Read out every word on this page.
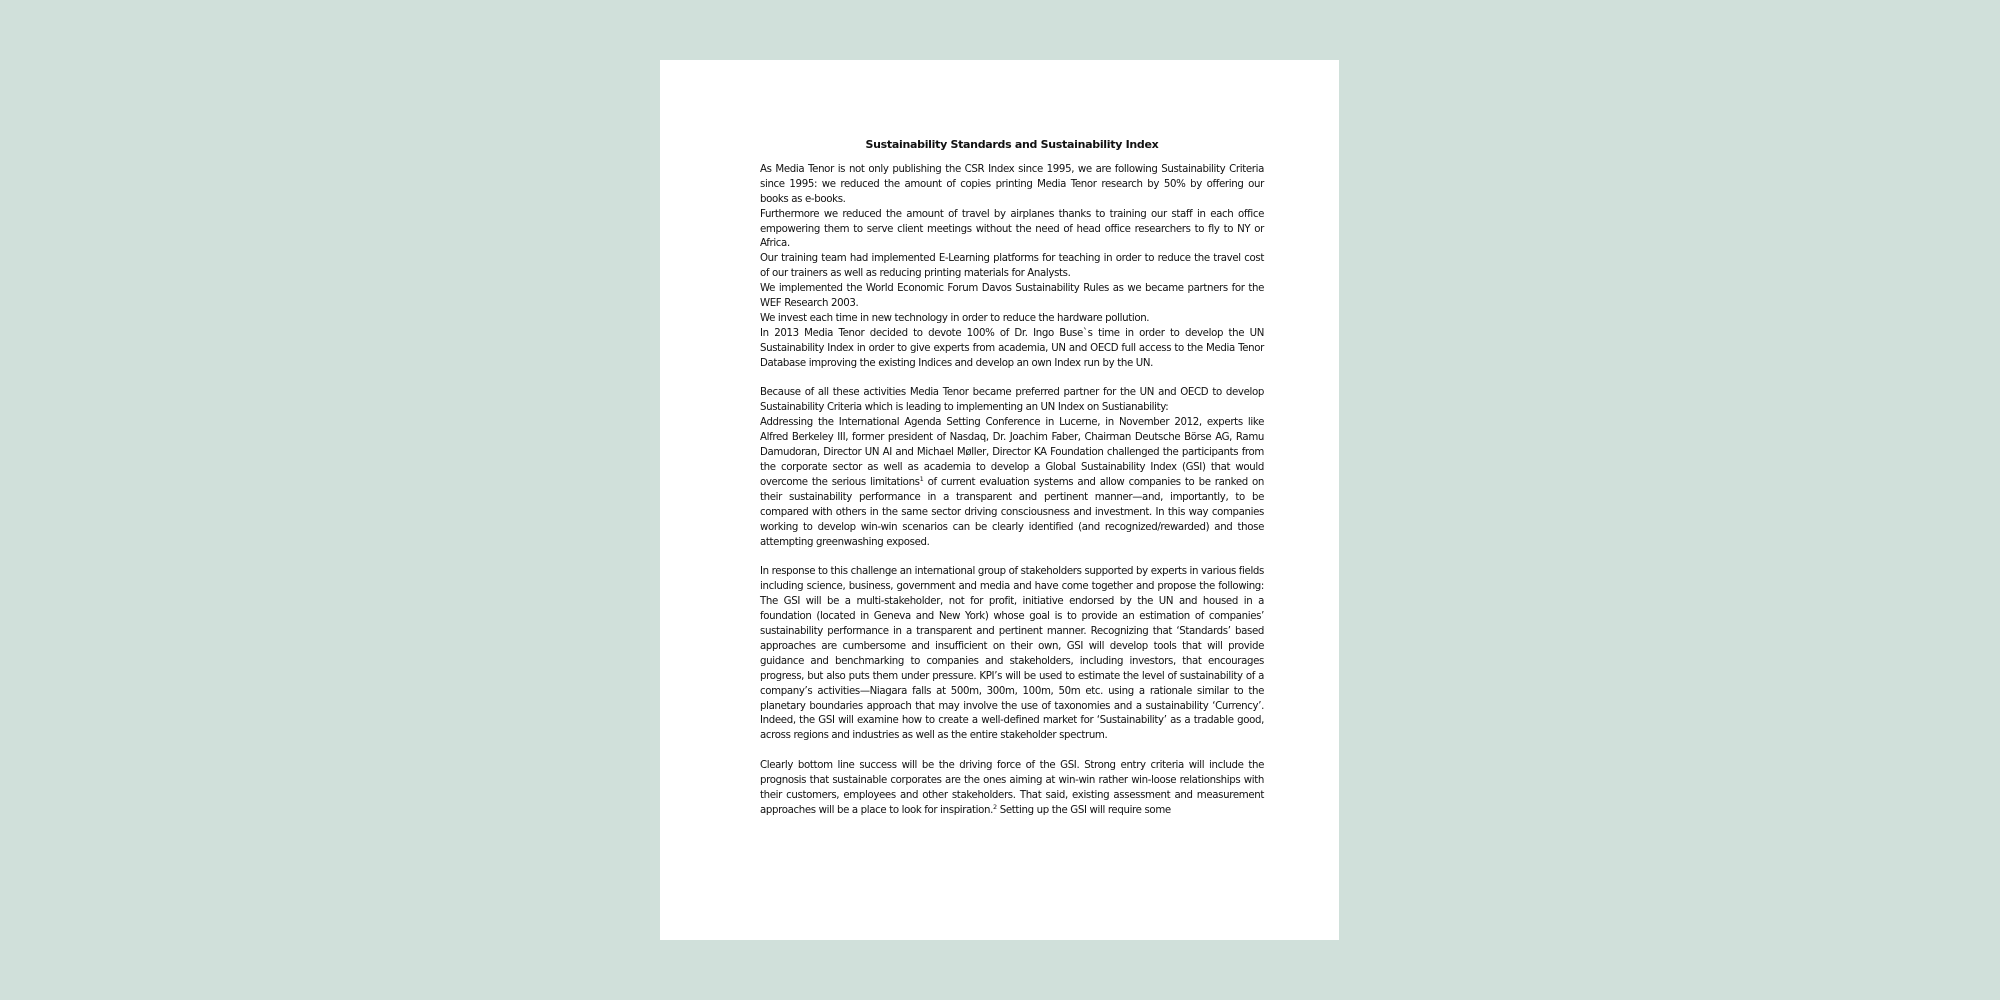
Sustainability Standards and Sustainability Index

As Media Tenor is not only publishing the CSR Index since 1995, we are following Sustainability Criteria since 1995: we reduced the amount of copies printing Media Tenor research by 50% by offering our books as e-books.

Furthermore we reduced the amount of travel by airplanes thanks to training our staff in each office empowering them to serve client meetings without the need of head office researchers to fly to NY or Africa.

Our training team had implemented E-Learning platforms for teaching in order to reduce the travel cost of our trainers as well as reducing printing materials for Analysts.

We implemented the World Economic Forum Davos Sustainability Rules as we became partners for the WEF Research 2003.

We invest each time in new technology in order to reduce the hardware pollution.

In 2013 Media Tenor decided to devote 100% of Dr. Ingo Buse`s time in order to develop the UN Sustainability Index in order to give experts from academia, UN and OECD full access to the Media Tenor Database improving the existing Indices and develop an own Index run by the UN.

Because of all these activities Media Tenor became preferred partner for the UN and OECD to develop Sustainability Criteria which is leading to implementing an UN Index on Sustianability:

Addressing the International Agenda Setting Conference in Lucerne, in November 2012, experts like Alfred Berkeley III, former president of Nasdaq, Dr. Joachim Faber, Chairman Deutsche Börse AG, Ramu Damudoran, Director UN AI and Michael Møller, Director KA Foundation challenged the participants from the corporate sector as well as academia to develop a Global Sustainability Index (GSI) that would overcome the serious limitations$^1$ of current evaluation systems and allow companies to be ranked on their sustainability performance in a transparent and pertinent manner—and, importantly, to be compared with others in the same sector driving consciousness and investment. In this way companies working to develop win-win scenarios can be clearly identified (and recognized/rewarded) and those attempting greenwashing exposed.

In response to this challenge an international group of stakeholders supported by experts in various fields including science, business, government and media and have come together and propose the following: The GSI will be a multi-stakeholder, not for profit, initiative endorsed by the UN and housed in a foundation (located in Geneva and New York) whose goal is to provide an estimation of companies’ sustainability performance in a transparent and pertinent manner. Recognizing that ‘Standards’ based approaches are cumbersome and insufficient on their own, GSI will develop tools that will provide guidance and benchmarking to companies and stakeholders, including investors, that encourages progress, but also puts them under pressure. KPI’s will be used to estimate the level of sustainability of a company’s activities—Niagara falls at 500m, 300m, 100m, 50m etc. using a rationale similar to the planetary boundaries approach that may involve the use of taxonomies and a sustainability ‘Currency’. Indeed, the GSI will examine how to create a well-defined market for ‘Sustainability’ as a tradable good, across regions and industries as well as the entire stakeholder spectrum.

Clearly bottom line success will be the driving force of the GSI. Strong entry criteria will include the prognosis that sustainable corporates are the ones aiming at win-win rather win-loose relationships with their customers, employees and other stakeholders. That said, existing assessment and measurement approaches will be a place to look for inspiration.$^2$ Setting up the GSI will require some
